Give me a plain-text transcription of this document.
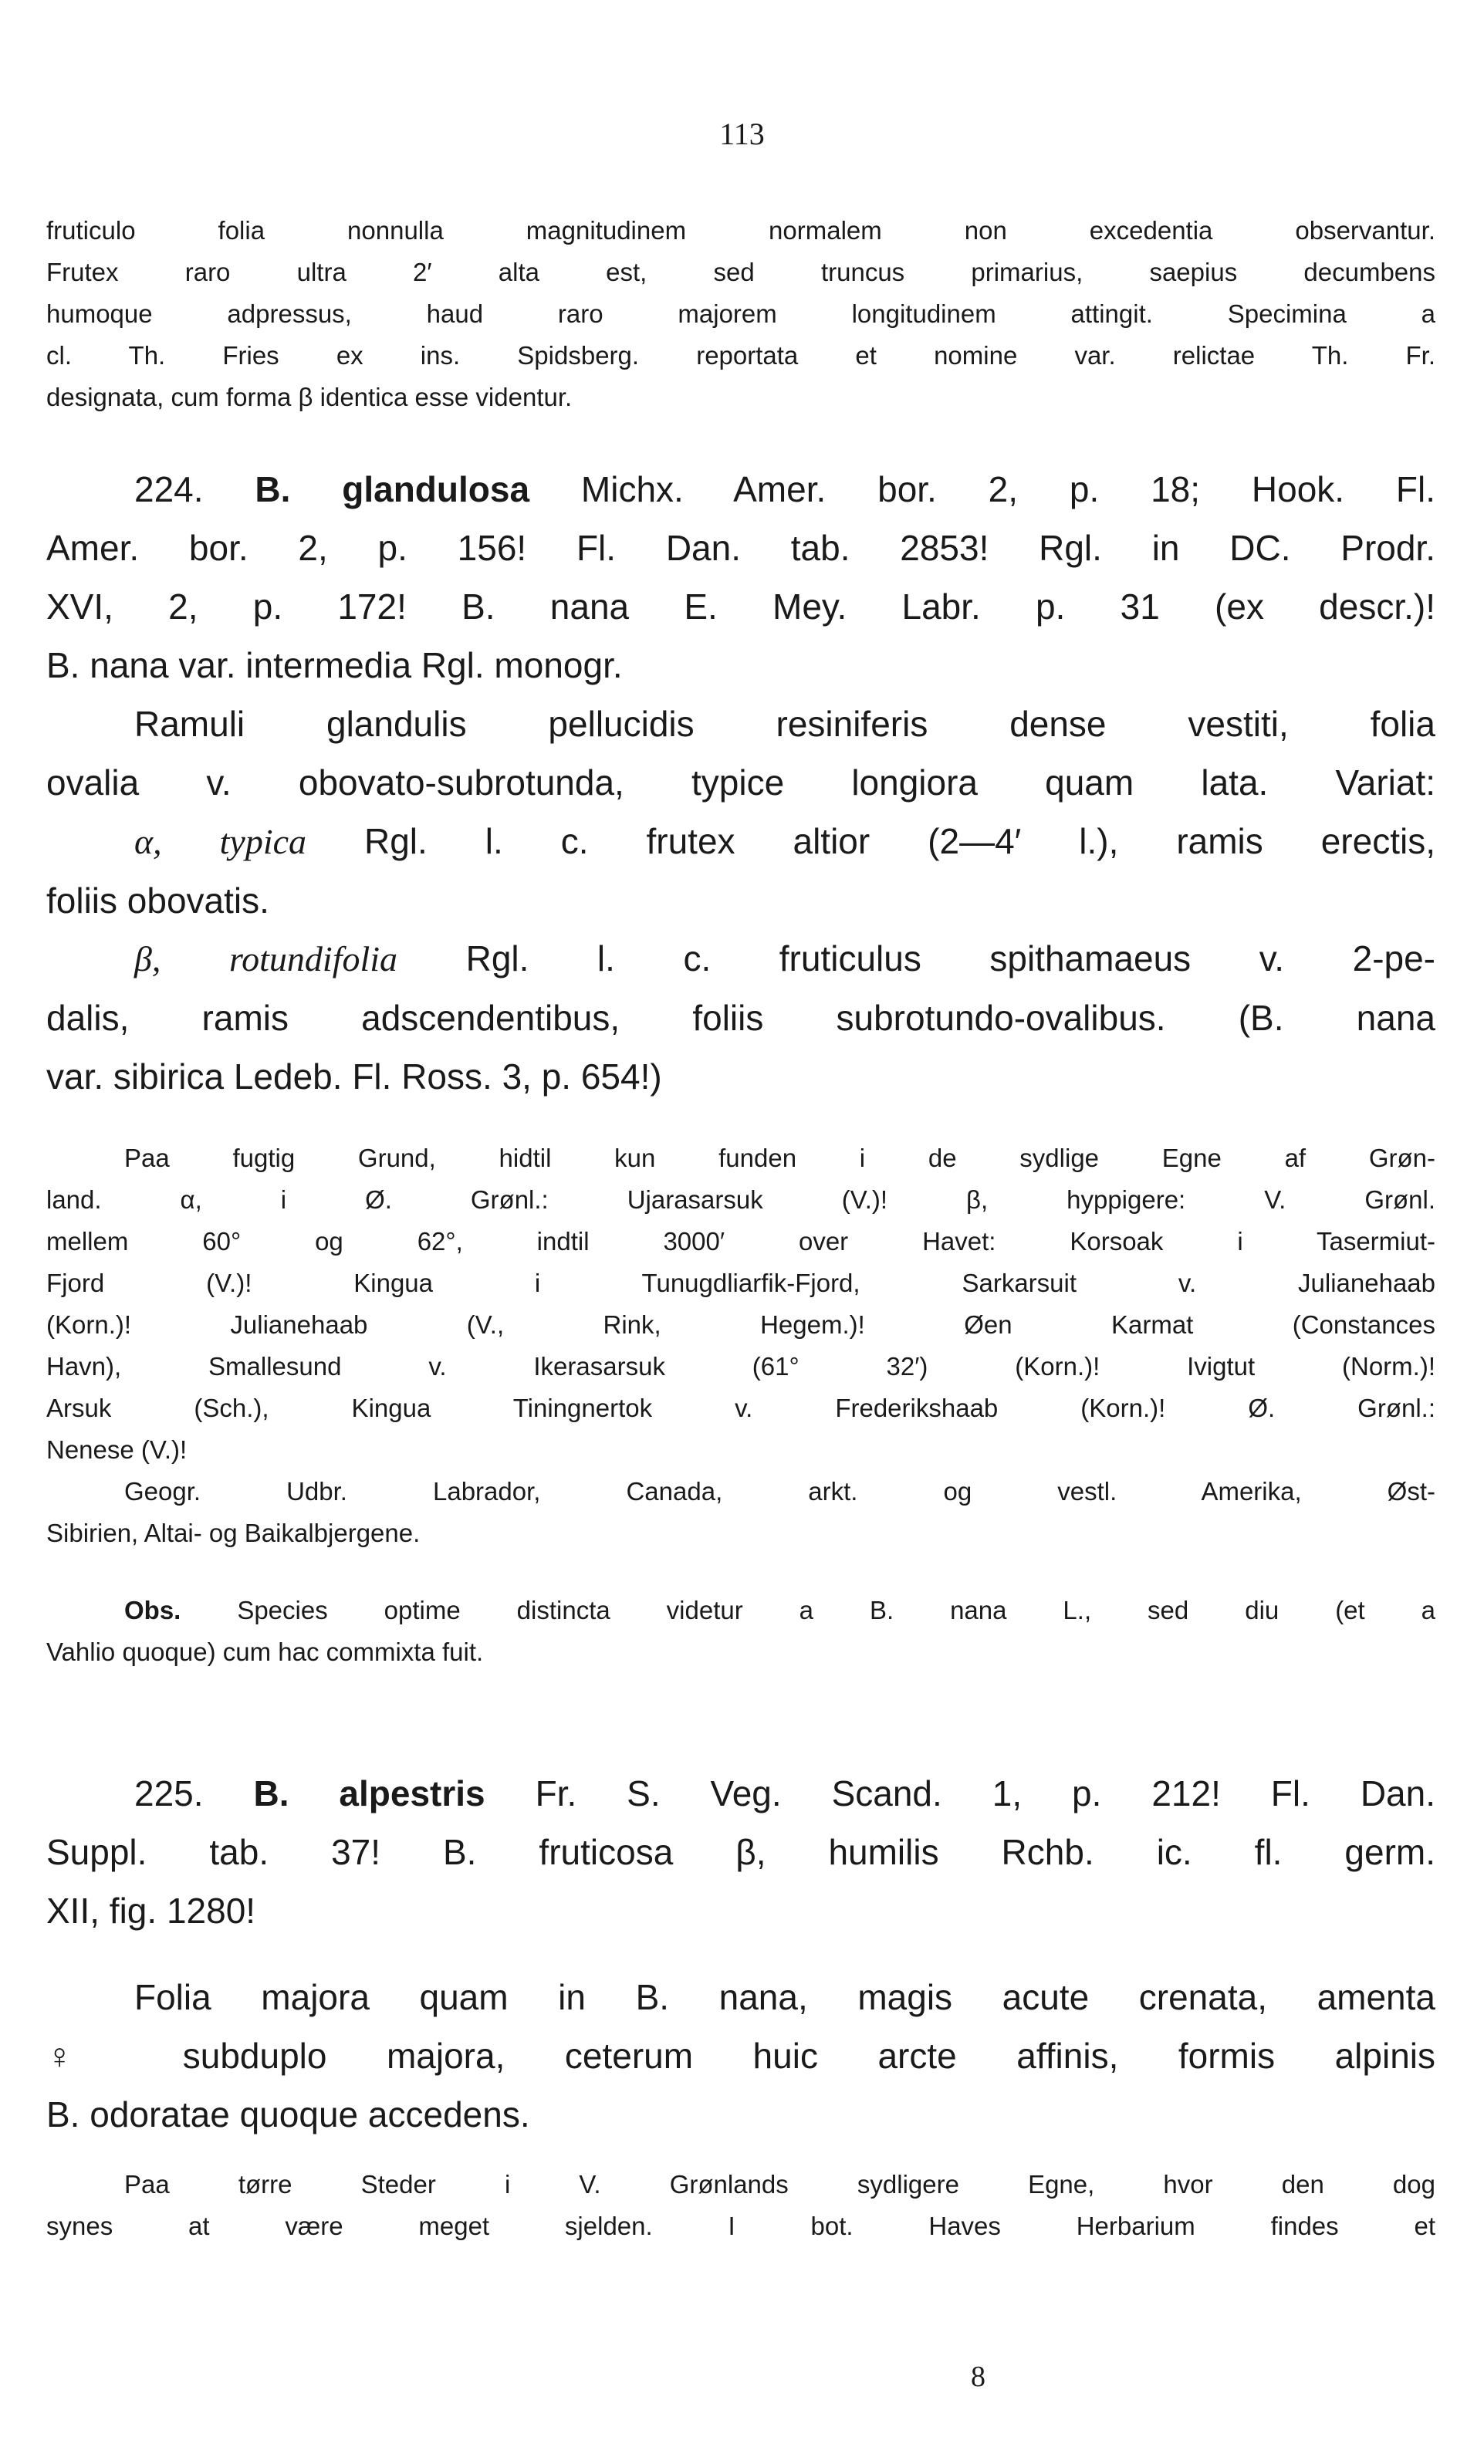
113

fruticulo folia nonnulla magnitudinem normalem non excedentia observantur.
Frutex raro ultra 2′ alta est, sed truncus primarius, saepius decumbens
humoque adpressus, haud raro majorem longitudinem attingit. Specimina a
cl. Th. Fries ex ins. Spidsberg. reportata et nomine var. relictae Th. Fr.
designata, cum forma β identica esse videntur.

224. B. glandulosa Michx. Amer. bor. 2, p. 18; Hook. Fl.
Amer. bor. 2, p. 156! Fl. Dan. tab. 2853! Rgl. in DC. Prodr.
XVI, 2, p. 172! B. nana E. Mey. Labr. p. 31 (ex descr.)!
B. nana var. intermedia Rgl. monogr.

Ramuli glandulis pellucidis resiniferis dense vestiti, folia
ovalia v. obovato-subrotunda, typice longiora quam lata. Variat:

α, typica Rgl. l. c. frutex altior (2—4′ l.), ramis erectis,
foliis obovatis.

β, rotundifolia Rgl. l. c. fruticulus spithamaeus v. 2-pe-
dalis, ramis adscendentibus, foliis subrotundo-ovalibus. (B. nana
var. sibirica Ledeb. Fl. Ross. 3, p. 654!)

Paa fugtig Grund, hidtil kun funden i de sydlige Egne af Grøn-
land. α, i Ø. Grønl.: Ujarasarsuk (V.)! β, hyppigere: V. Grønl.
mellem 60° og 62°, indtil 3000′ over Havet: Korsoak i Tasermiut-
Fjord (V.)! Kingua i Tunugdliarfik-Fjord, Sarkarsuit v. Julianehaab
(Korn.)! Julianehaab (V., Rink, Hegem.)! Øen Karmat (Constances
Havn), Smallesund v. Ikerasarsuk (61° 32′) (Korn.)! Ivigtut (Norm.)!
Arsuk (Sch.), Kingua Tiningnertok v. Frederikshaab (Korn.)! Ø. Grønl.:
Nenese (V.)!

Geogr. Udbr. Labrador, Canada, arkt. og vestl. Amerika, Øst-
Sibirien, Altai- og Baikalbjergene.

Obs. Species optime distincta videtur a B. nana L., sed diu (et a
Vahlio quoque) cum hac commixta fuit.

225. B. alpestris Fr. S. Veg. Scand. 1, p. 212! Fl. Dan.
Suppl. tab. 37! B. fruticosa β, humilis Rchb. ic. fl. germ.
XII, fig. 1280!

Folia majora quam in B. nana, magis acute crenata, amenta
♀ subduplo majora, ceterum huic arcte affinis, formis alpinis
B. odoratae quoque accedens.

Paa tørre Steder i V. Grønlands sydligere Egne, hvor den dog
synes at være meget sjelden. I bot. Haves Herbarium findes et

8
